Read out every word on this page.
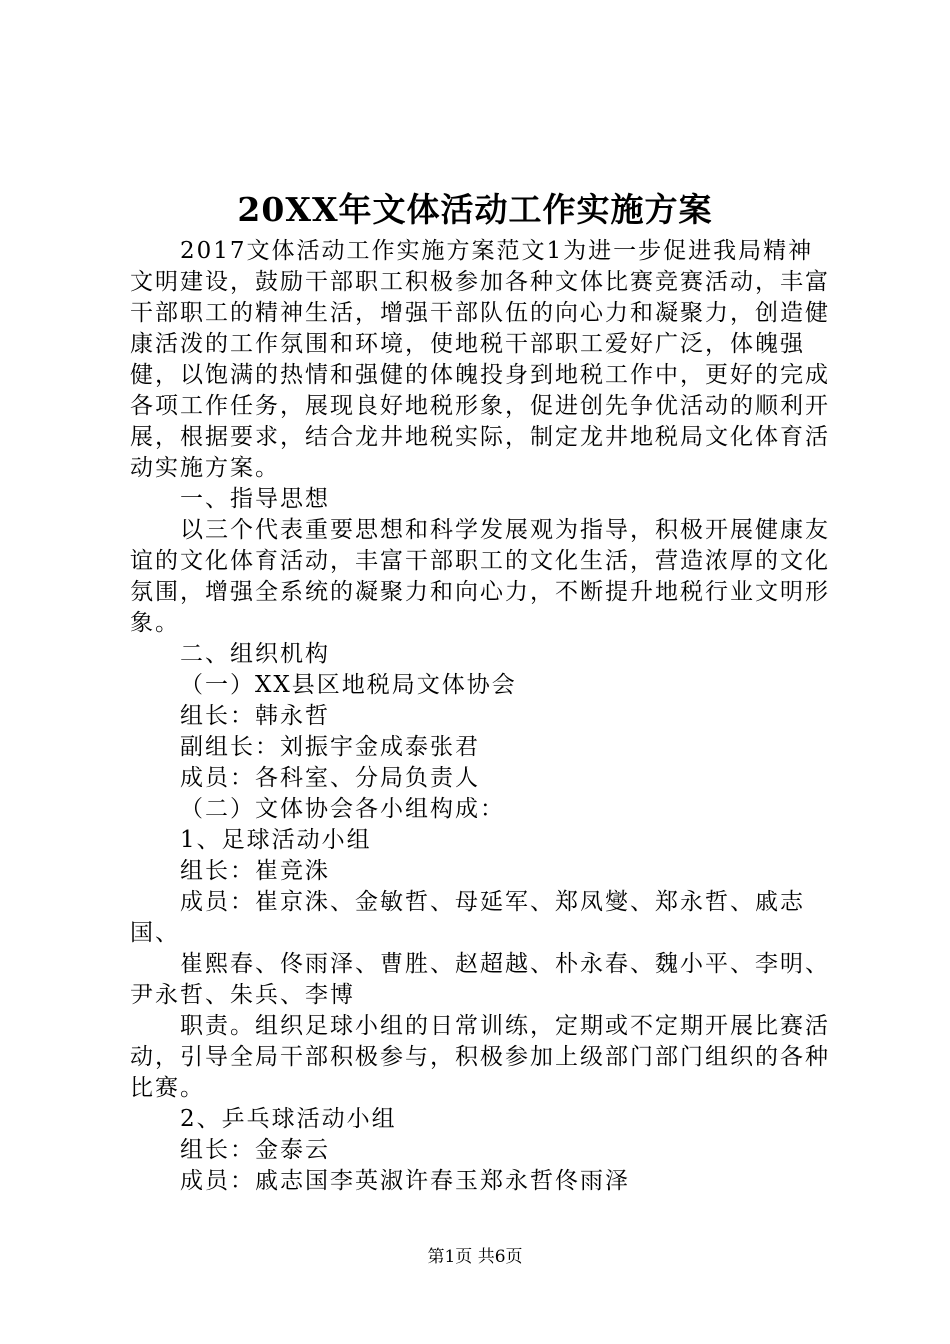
20XX年文体活动工作实施方案

2017文体活动工作实施方案范文1为进一步促进我局精神文明建设，鼓励干部职工积极参加各种文体比赛竞赛活动，丰富干部职工的精神生活，增强干部队伍的向心力和凝聚力，创造健康活泼的工作氛围和环境，使地税干部职工爱好广泛，体魄强健，以饱满的热情和强健的体魄投身到地税工作中，更好的完成各项工作任务，展现良好地税形象，促进创先争优活动的顺利开展，根据要求，结合龙井地税实际，制定龙井地税局文化体育活动实施方案。

一、指导思想

以三个代表重要思想和科学发展观为指导，积极开展健康友谊的文化体育活动，丰富干部职工的文化生活，营造浓厚的文化氛围，增强全系统的凝聚力和向心力，不断提升地税行业文明形象。

二、组织机构

（一）XX县区地税局文体协会

组长：韩永哲

副组长：刘振宇金成泰张君

成员：各科室、分局负责人

（二）文体协会各小组构成：

1、足球活动小组

组长：崔竞洙

成员：崔京洙、金敏哲、母延军、郑凤燮、郑永哲、戚志国、

崔熙春、佟雨泽、曹胜、赵超越、朴永春、魏小平、李明、尹永哲、朱兵、李博

职责。组织足球小组的日常训练，定期或不定期开展比赛活动，引导全局干部积极参与，积极参加上级部门部门组织的各种比赛。

2、乒乓球活动小组

组长：金泰云

成员：戚志国李英淑许春玉郑永哲佟雨泽

第1页 共6页
